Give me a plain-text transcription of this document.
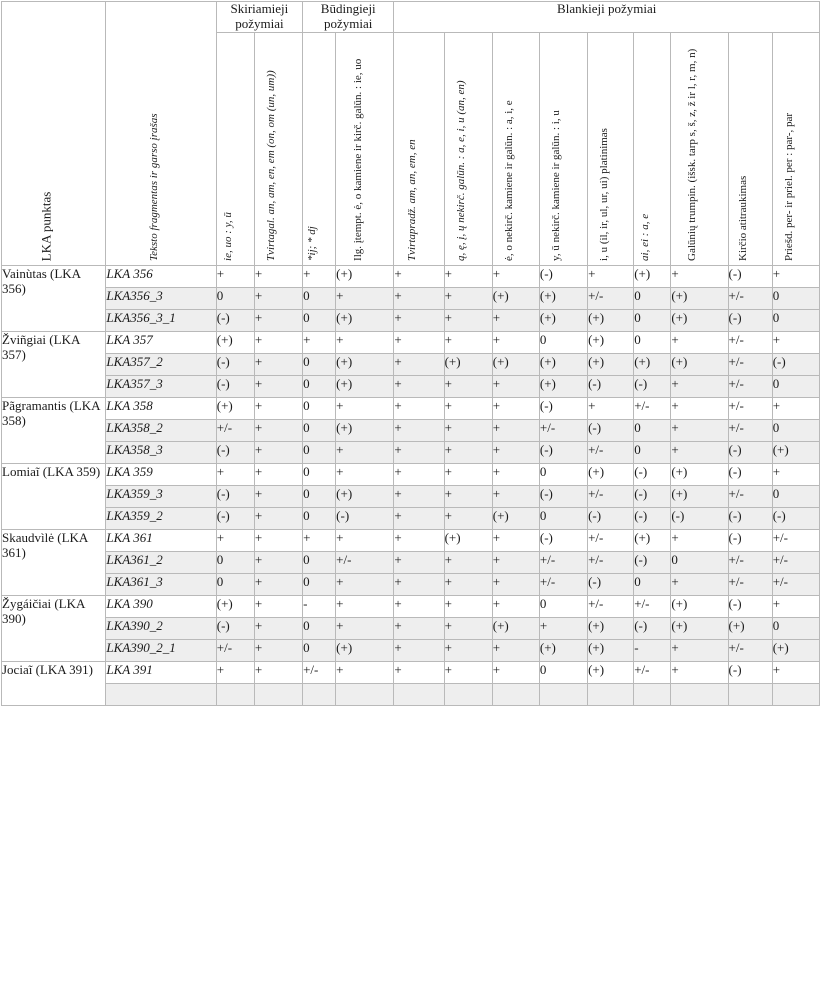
LKA punktas	Teksto fragmentas ir garso įrašas	Skiriamieji požymiai		Būdingieji požymiai		Blankieji požymiai								

		ie, uo : y, ū	Tvirtagal. an, am, en, em (on, om (un, um))	*ij; * dj	Ilg. įtempt. ė, o kamiene ir kirč. galūn. : ie, uo	Tvirtapradž. am, an, em, en	ą, ę, į, ų nekirč. galūn. : a, e, i, u (an, en)	ė, o nekirč. kamiene ir galūn. : a, i, e	y, ū nekirč. kamiene ir galūn. : i, u	i, u (il, ir, ul, ur, ui) platinimas	ai, ei : a, e	Galūnių trumpin. (išsk. tarp s, š, z, ž ir l, r, m, n)	Kirčio atitraukimas	Priešd. per- ir priel. per : par-, par

Vainùtas (LKA 356)	LKA 356	+	+	+	(+)	+	+	+	(-)	+	(+)	+	(-)	+
	LKA356_3	0	+	0	+	+	+	(+)	(+)	+/-	0	(+)	+/-	0
	LKA356_3_1	(-)	+	0	(+)	+	+	+	(+)	(+)	0	(+)	(-)	0
Žviñgiai (LKA 357)	LKA 357	(+)	+	+	+	+	+	+	0	(+)	0	+	+/-	+
	LKA357_2	(-)	+	0	(+)	+	(+)	(+)	(+)	(+)	(+)	(+)	+/-	(-)
	LKA357_3	(-)	+	0	(+)	+	+	+	(+)	(-)	(-)	+	+/-	0
Pãgramantis (LKA 358)	LKA 358	(+)	+	0	+	+	+	+	(-)	+	+/-	+	+/-	+
	LKA358_2	+/-	+	0	(+)	+	+	+	+/-	(-)	0	+	+/-	0
	LKA358_3	(-)	+	0	+	+	+	+	(-)	+/-	0	+	(-)	(+)
Lomiaĩ (LKA 359)	LKA 359	+	+	0	+	+	+	+	0	(+)	(-)	(+)	(-)	+
	LKA359_3	(-)	+	0	(+)	+	+	+	(-)	+/-	(-)	(+)	+/-	0
	LKA359_2	(-)	+	0	(-)	+	+	(+)	0	(-)	(-)	(-)	(-)	(-)
Skaudvìlė (LKA 361)	LKA 361	+	+	+	+	+	(+)	+	(-)	+/-	(+)	+	(-)	+/-
	LKA361_2	0	+	0	+/-	+	+	+	+/-	+/-	(-)	0	+/-	+/-
	LKA361_3	0	+	0	+	+	+	+	+/-	(-)	0	+	+/-	+/-
Žygáičiai (LKA 390)	LKA 390	(+)	+	-	+	+	+	+	0	+/-	+/-	(+)	(-)	+
	LKA390_2	(-)	+	0	+	+	+	(+)	+	(+)	(-)	(+)	(+)	0
	LKA390_2_1	+/-	+	0	(+)	+	+	+	(+)	(+)	-	+	+/-	(+)
Jociaĩ (LKA 391)	LKA 391	+	+	+/-	+	+	+	+	0	(+)	+/-	+	(-)	+
